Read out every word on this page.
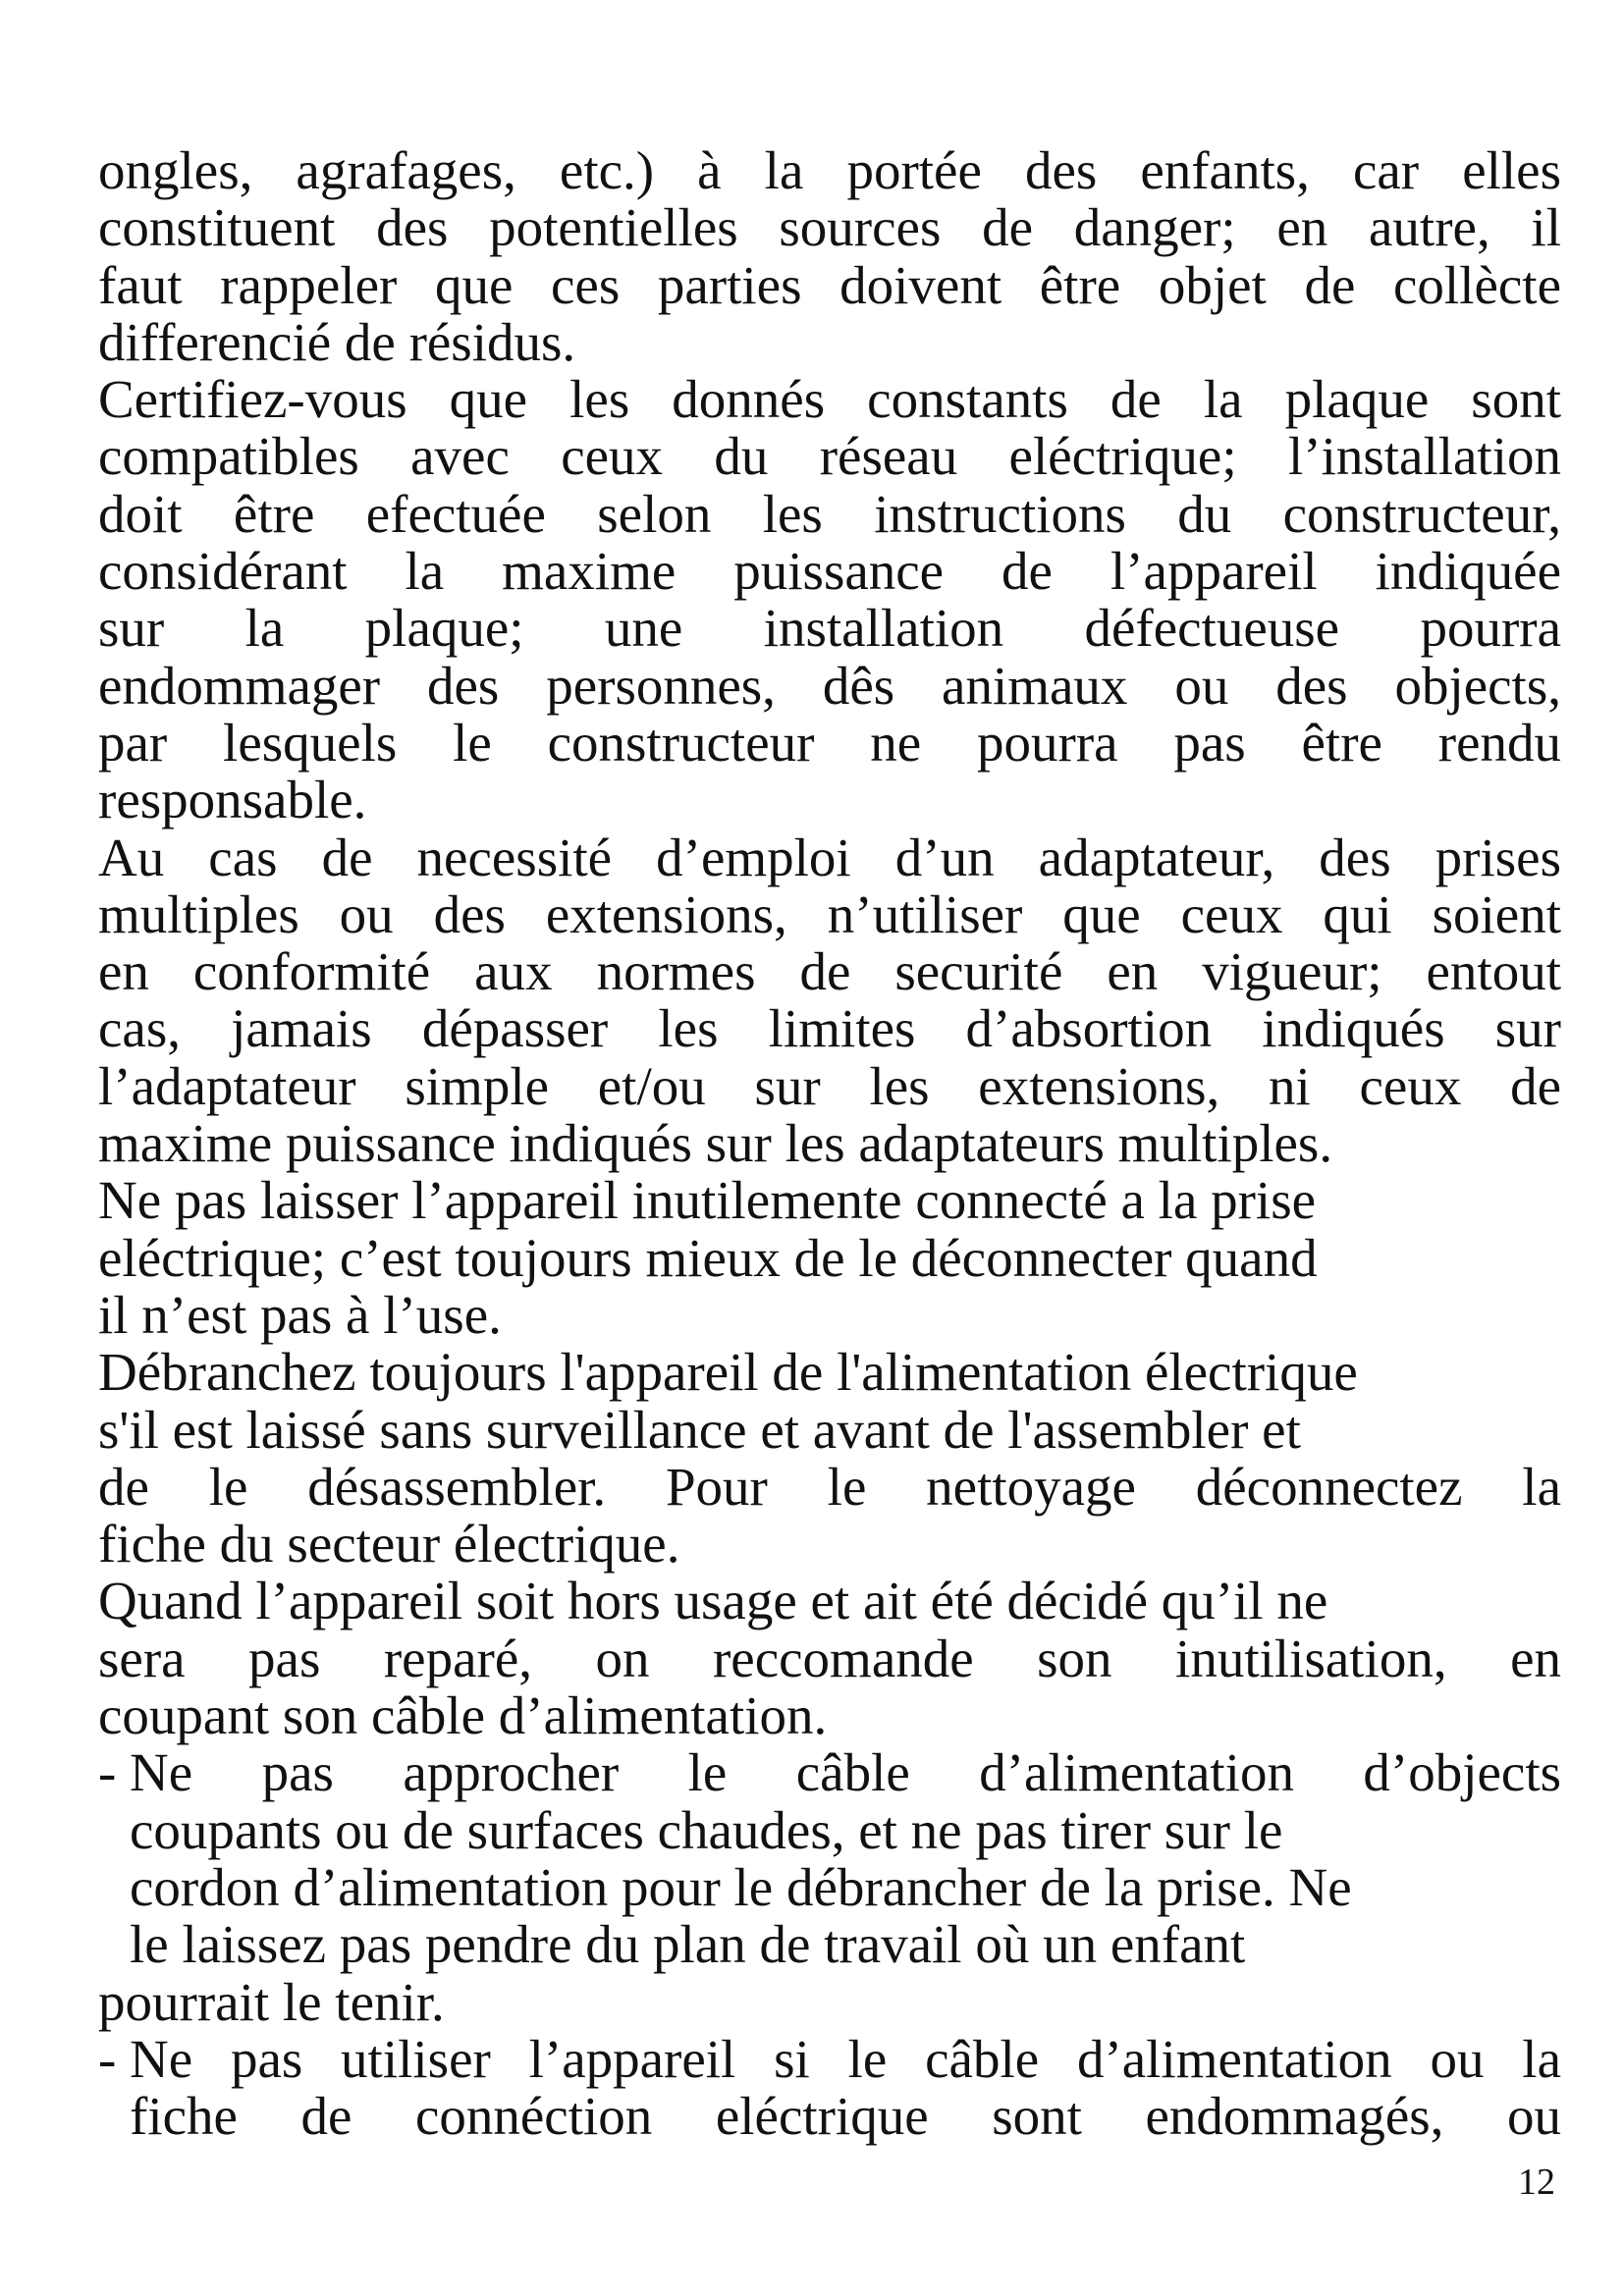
ongles, agrafages, etc.) à la portée des enfants, car elles
constituent des potentielles sources de danger; en autre, il
faut rappeler que ces parties doivent être objet de collècte
differencié de résidus.

Certifiez-vous que les donnés constants de la plaque sont
compatibles avec ceux du réseau eléctrique; l’installation
doit être efectuée selon les instructions du constructeur,
considérant la maxime puissance de l’appareil indiquée
sur la plaque; une installation défectueuse pourra
endommager des personnes, dês animaux ou des objects,
par lesquels le constructeur ne pourra pas être rendu
responsable.

Au cas de necessité d’emploi d’un adaptateur, des prises
multiples ou des extensions, n’utiliser que ceux qui soient
en conformité aux normes de securité en vigueur; entout
cas, jamais dépasser les limites d’absortion indiqués sur
l’adaptateur simple et/ou sur les extensions, ni ceux de
maxime puissance indiqués sur les adaptateurs multiples.

Ne pas laisser l’appareil inutilemente connecté a la prise
eléctrique; c’est toujours mieux de le déconnecter quand
il n’est pas à l’use.

Débranchez toujours l'appareil de l'alimentation électrique
s'il est laissé sans surveillance et avant de l'assembler et
de le désassembler. Pour le nettoyage déconnectez la
fiche du secteur électrique.

Quand l’appareil soit hors usage et ait été décidé qu’il ne
sera pas reparé, on reccomande son inutilisation, en
coupant son câble d’alimentation.

- Ne pas approcher le câble d’alimentation d’objects
coupants ou de surfaces chaudes, et ne pas tirer sur le
cordon d’alimentation pour le débrancher de la prise. Ne
le laissez pas pendre du plan de travail où un enfant
pourrait le tenir.
- Ne pas utiliser l’appareil si le câble d’alimentation ou la
fiche de connéction eléctrique sont endommagés, ou
12
